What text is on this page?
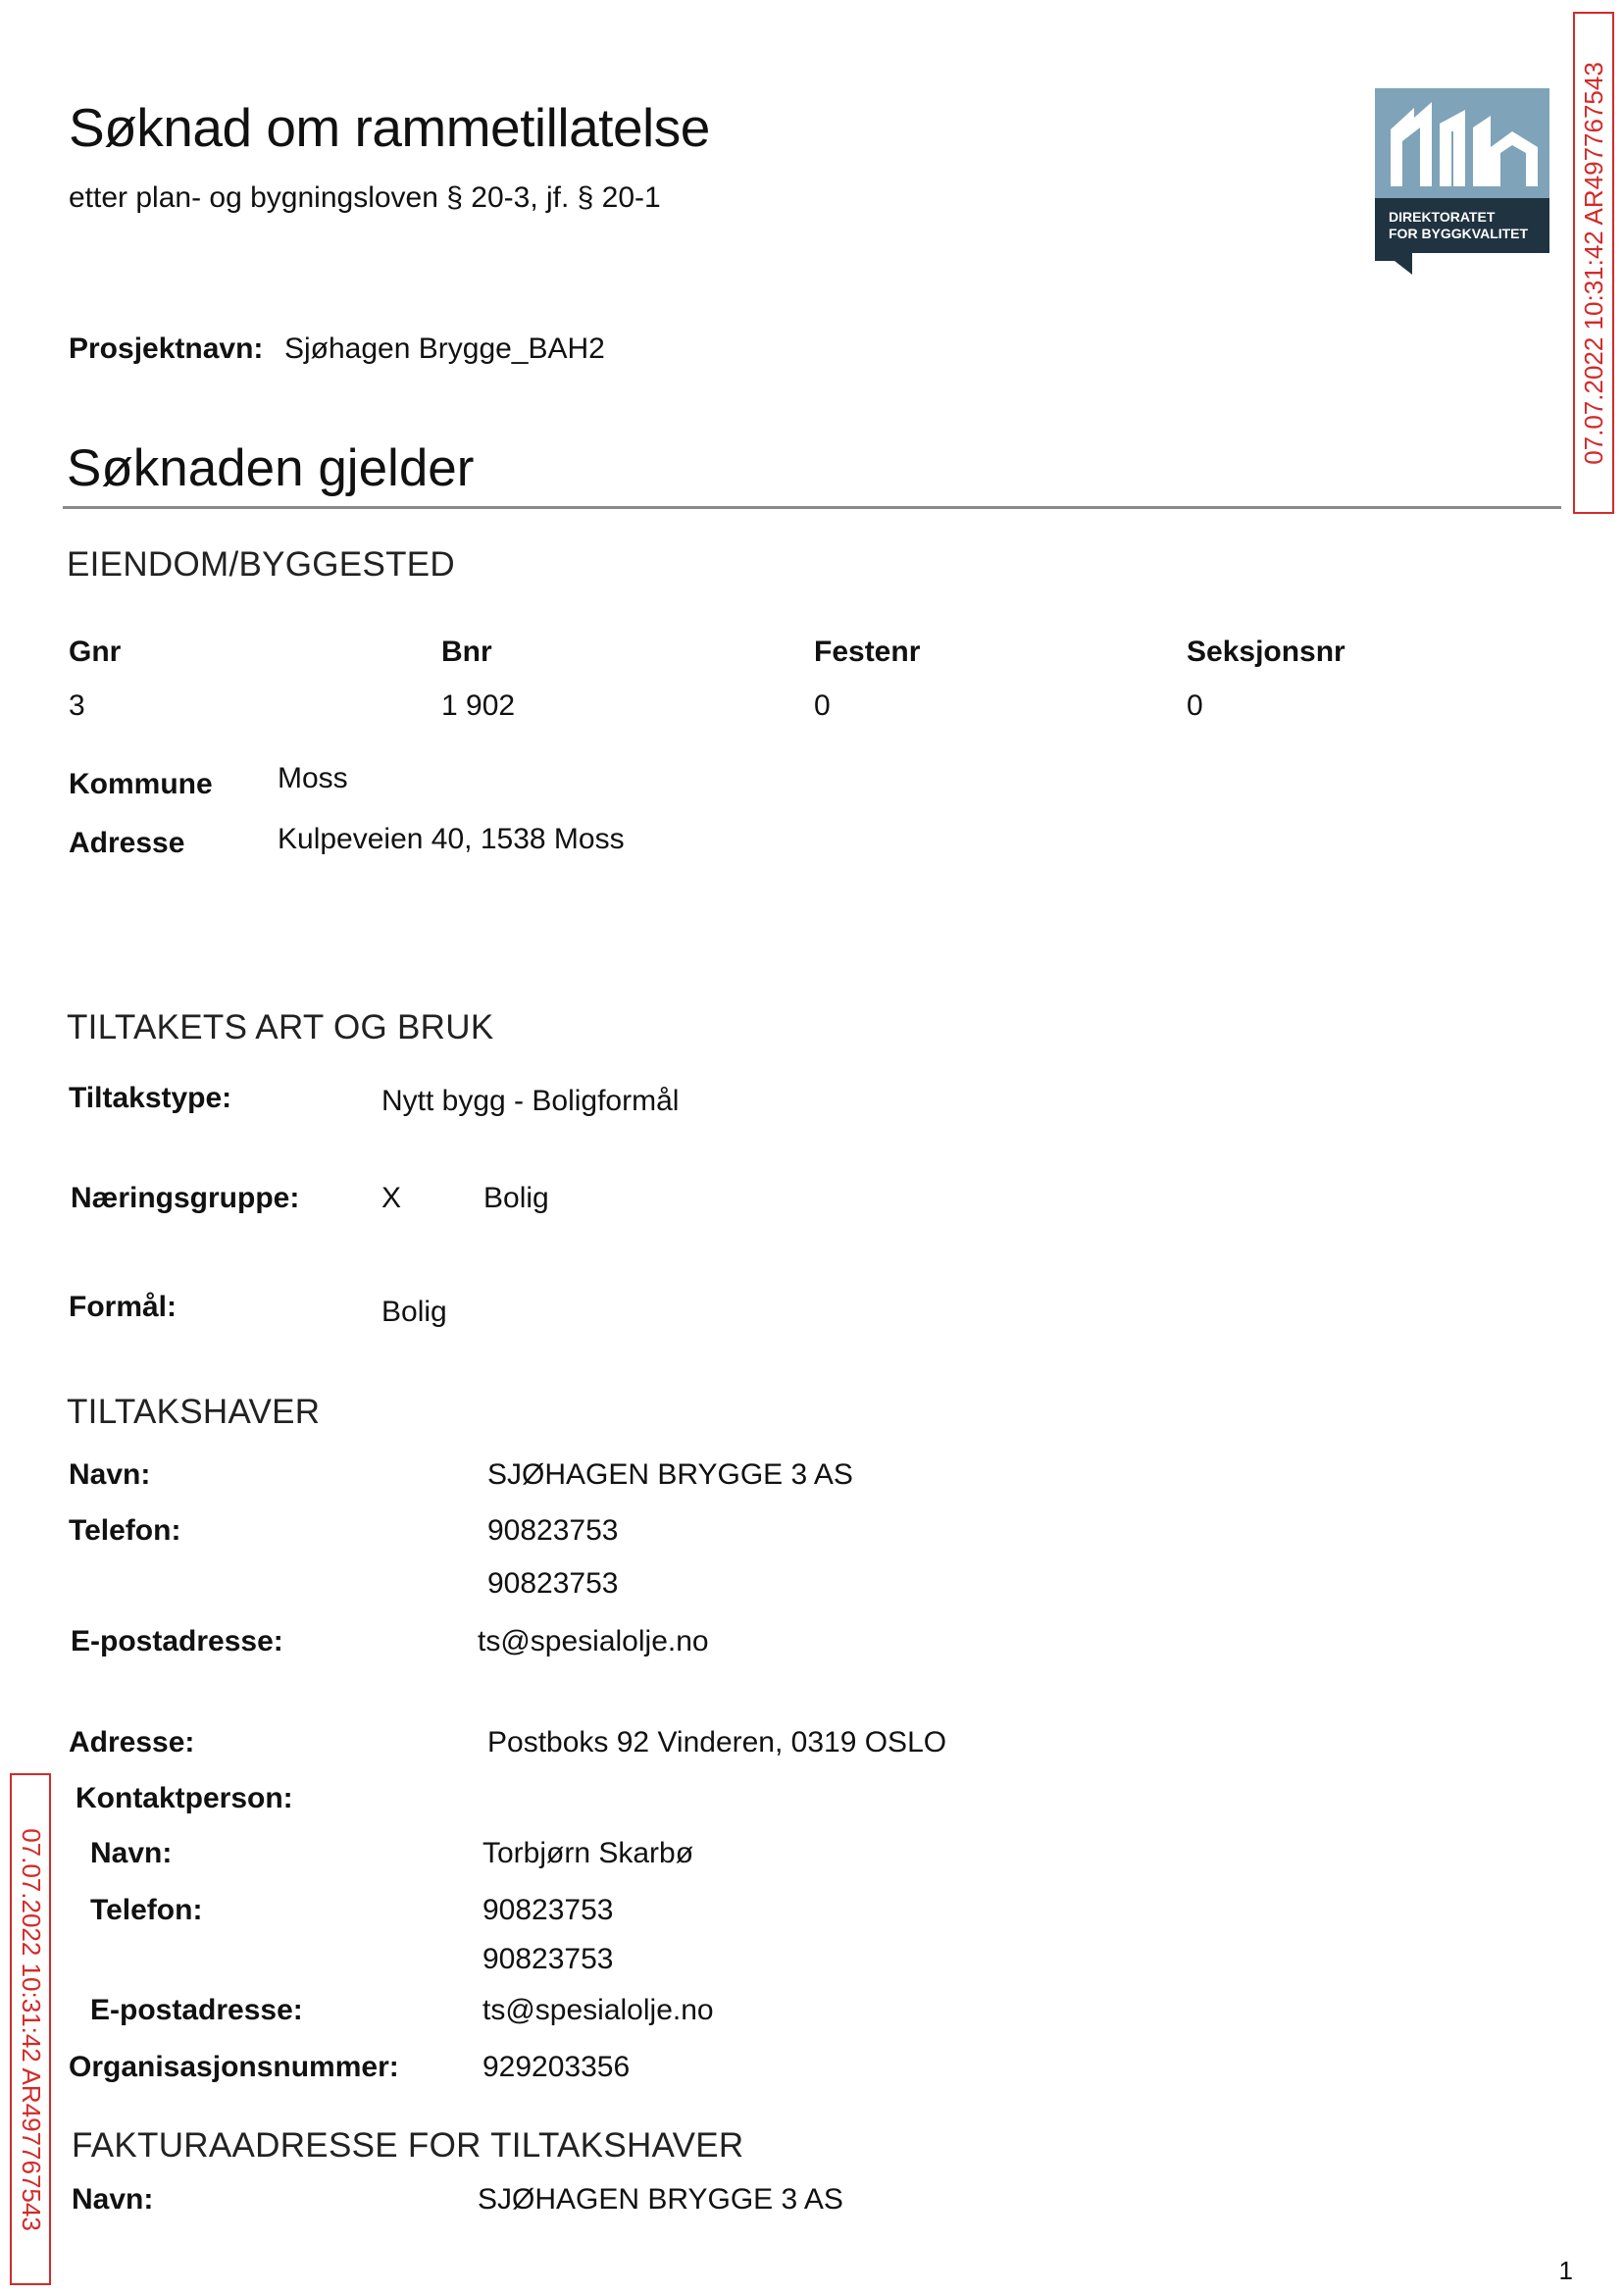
Søknad om rammetillatelse
etter plan- og bygningsloven § 20-3, jf. § 20-1
DIREKTORATET
FOR BYGGKVALITET 07.07.2022 10:31:42 AR497767543
07.07.2022 10:31:42 AR497767543
Prosjektnavn: Sjøhagen Brygge_BAH2
Søknaden gjelder
EIENDOM/BYGGESTED
Gnr	Bnr	Festenr	Seksjonsnr
3	1 902	0	0
Kommune Moss
Adresse	Kulpeveien 40, 1538 Moss
TILTAKETS ART OG BRUK
Tiltakstype:	Nytt bygg - Boligformål
Næringsgruppe:	X	Bolig
Formål:	Bolig
TILTAKSHAVER
Navn:	SJØHAGEN BRYGGE 3 AS
Telefon:	90823753
90823753
E-postadresse:	ts@spesialolje.no
Adresse:	Postboks 92 Vinderen, 0319 OSLO
Kontaktperson:
Navn:	Torbjørn Skarbø
Telefon:	90823753
90823753
E-postadresse:	ts@spesialolje.no
Organisasjonsnummer:	929203356
FAKTURAADRESSE FOR TILTAKSHAVER
Navn:	SJØHAGEN BRYGGE 3 AS
1
